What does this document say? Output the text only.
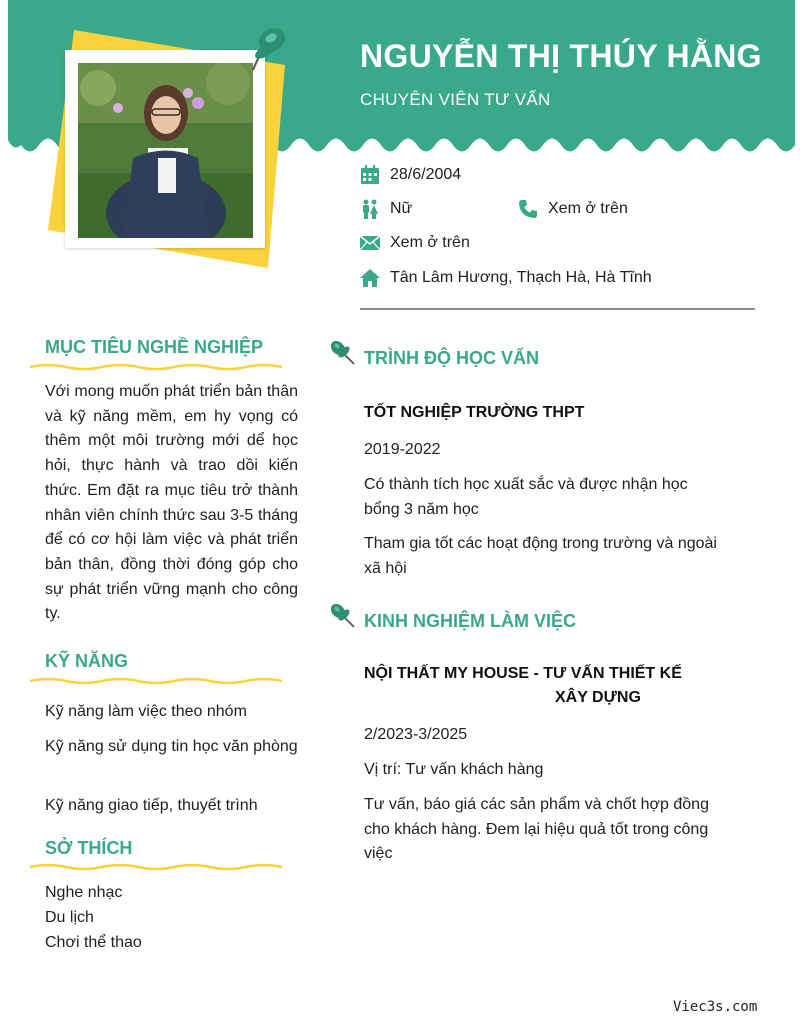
NGUYỄN THỊ THÚY HẰNG
CHUYÊN VIÊN TƯ VẤN
28/6/2004
Nữ	Xem ở trên
Xem ở trên
Tân Lâm Hương, Thạch Hà, Hà Tĩnh
MỤC TIÊU NGHỀ NGHIỆP

Với mong muốn phát triển bản thân và kỹ năng mềm, em hy vọng có thêm một môi trường mới dể học hỏi, thực hành và trao dồi kiến thức. Em đặt ra mục tiêu trở thành nhân viên chính thức sau 3-5 tháng để có cơ hội làm việc và phát triển bản thân, đồng thời đóng góp cho sự phát triển vững mạnh cho công ty.

KỸ NĂNG
Kỹ năng làm việc theo nhóm
Kỹ năng sử dụng tin học văn phòng
Kỹ năng giao tiếp, thuyết trình
SỞ THÍCH
Nghe nhạc
Du lịch
Chơi thể thao
TRÌNH ĐỘ HỌC VẤN
TỐT NGHIỆP TRƯỜNG THPT
2019-2022
Có thành tích học xuất sắc và được nhận học bổng 3 năm học
Tham gia tốt các hoạt động trong trường và ngoài xã hội
KINH NGHIỆM LÀM VIỆC
NỘI THẤT MY HOUSE - TƯ VẤN THIẾT KẾ
XÂY DỰNG
2/2023-3/2025
Vị trí: Tư vấn khách hàng
Tư vấn, báo giá các sản phẩm và chốt hợp đồng cho khách hàng. Đem lại hiệu quả tốt trong công việc
Viec3s.com
